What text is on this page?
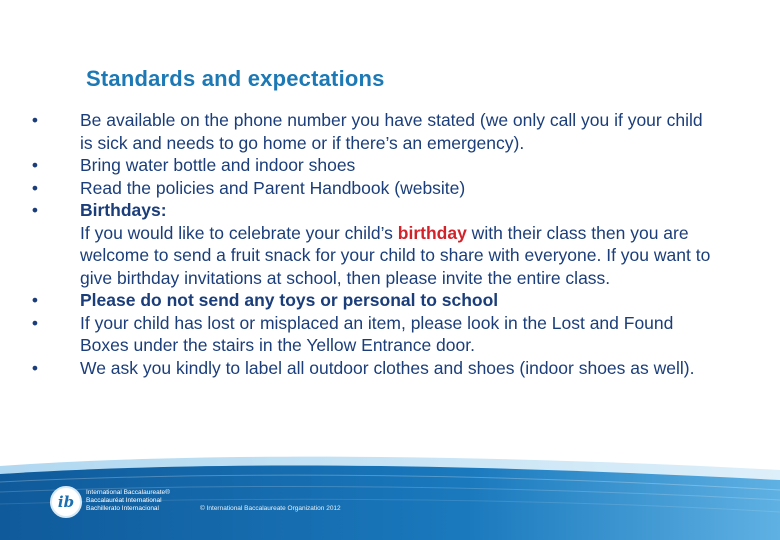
Standards and expectations
• Be available on the phone number you have stated (we only call you if your child is sick and needs to go home or if there’s an emergency).
• Bring water bottle and indoor shoes
• Read the policies and Parent Handbook (website)
• Birthdays:
If you would like to celebrate your child’s birthday with their class then you are welcome to send a fruit snack for your child to share with everyone. If you want to give birthday invitations at school, then please invite the entire class.
• Please do not send any toys or personal to school
• If your child has lost or misplaced an item, please look in the Lost and Found Boxes under the stairs in the Yellow Entrance door.
• We ask you kindly to label all outdoor clothes and shoes (indoor shoes as well).
ib
International Baccalaureate®
Baccalauréat International
Bachillerato Internacional	© International Baccalaureate Organization 2012
